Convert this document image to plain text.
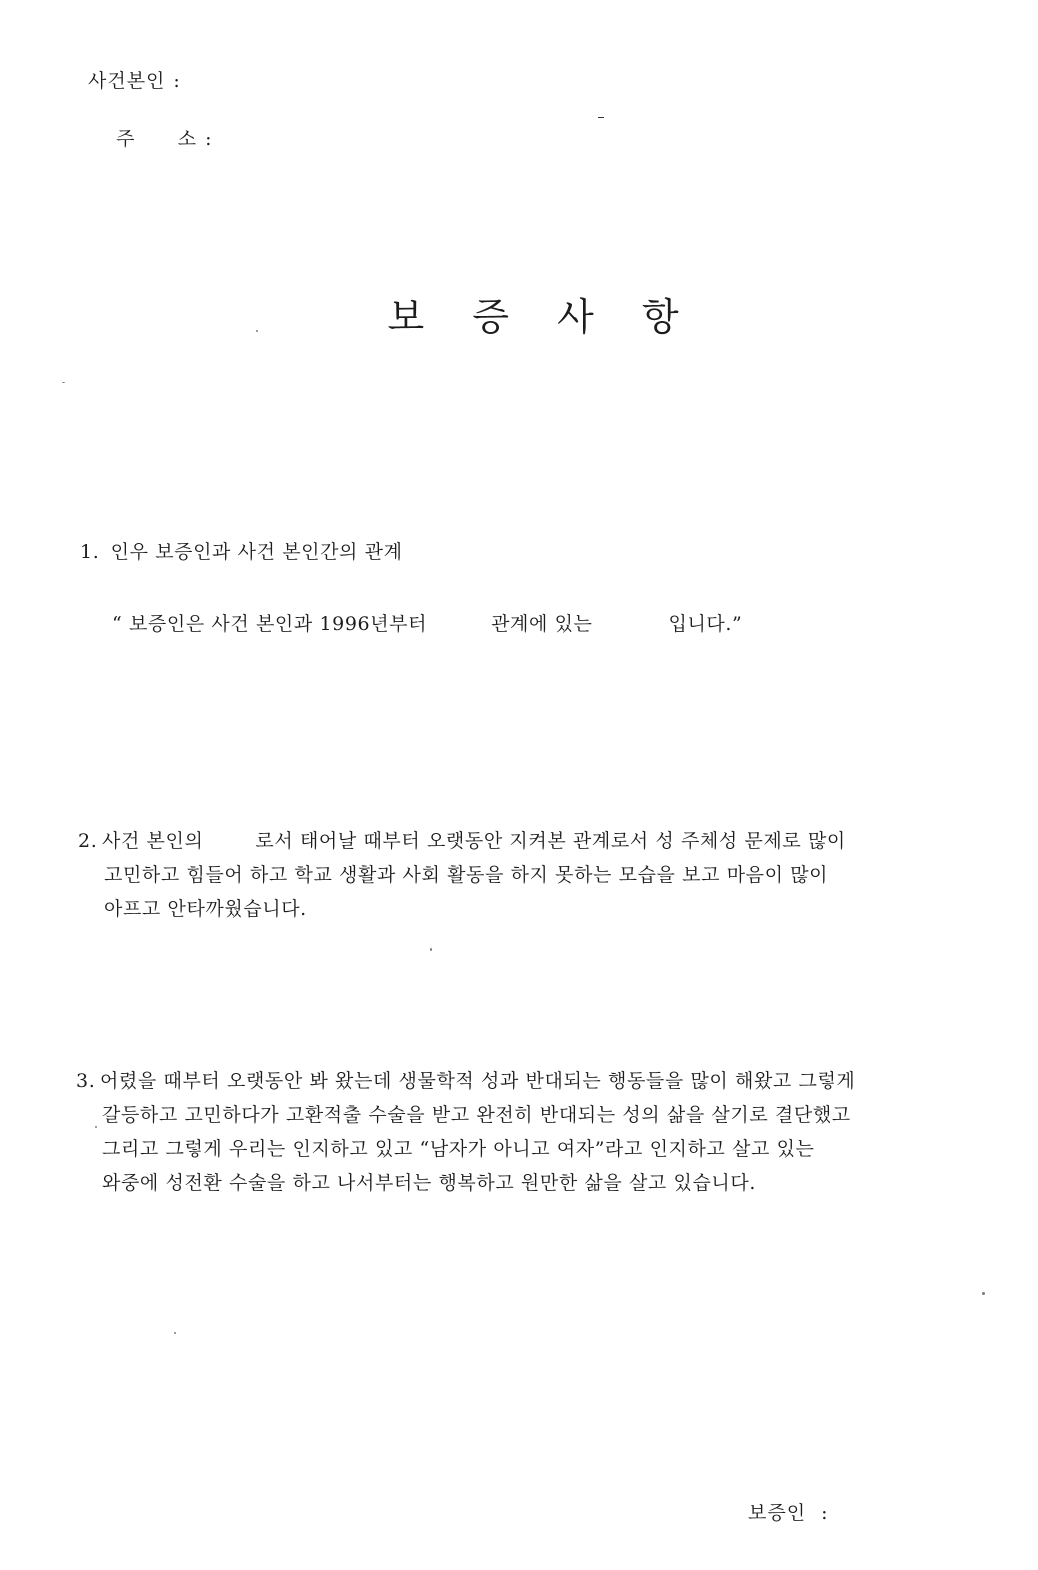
사건본인 :

주      소 :

보 증 사 항
1. 인우 보증인과 사건 본인간의 관계
“ 보증인은 사건 본인과 1996년부터	관계에 있는	입니다.”
2. 사건 본인의	로서 태어날 때부터 오랫동안 지켜본 관계로서 성 주체성 문제로 많이
고민하고 힘들어 하고 학교 생활과 사회 활동을 하지 못하는 모습을 보고 마음이 많이
아프고 안타까웠습니다.
3. 어렸을 때부터 오랫동안 봐 왔는데 생물학적 성과 반대되는 행동들을 많이 해왔고 그렇게
갈등하고 고민하다가 고환적출 수술을 받고 완전히 반대되는 성의 삶을 살기로 결단했고
그리고 그렇게 우리는 인지하고 있고 “남자가 아니고 여자”라고 인지하고 살고 있는
와중에 성전환 수술을 하고 나서부터는 행복하고 원만한 삶을 살고 있습니다.
보증인 :
